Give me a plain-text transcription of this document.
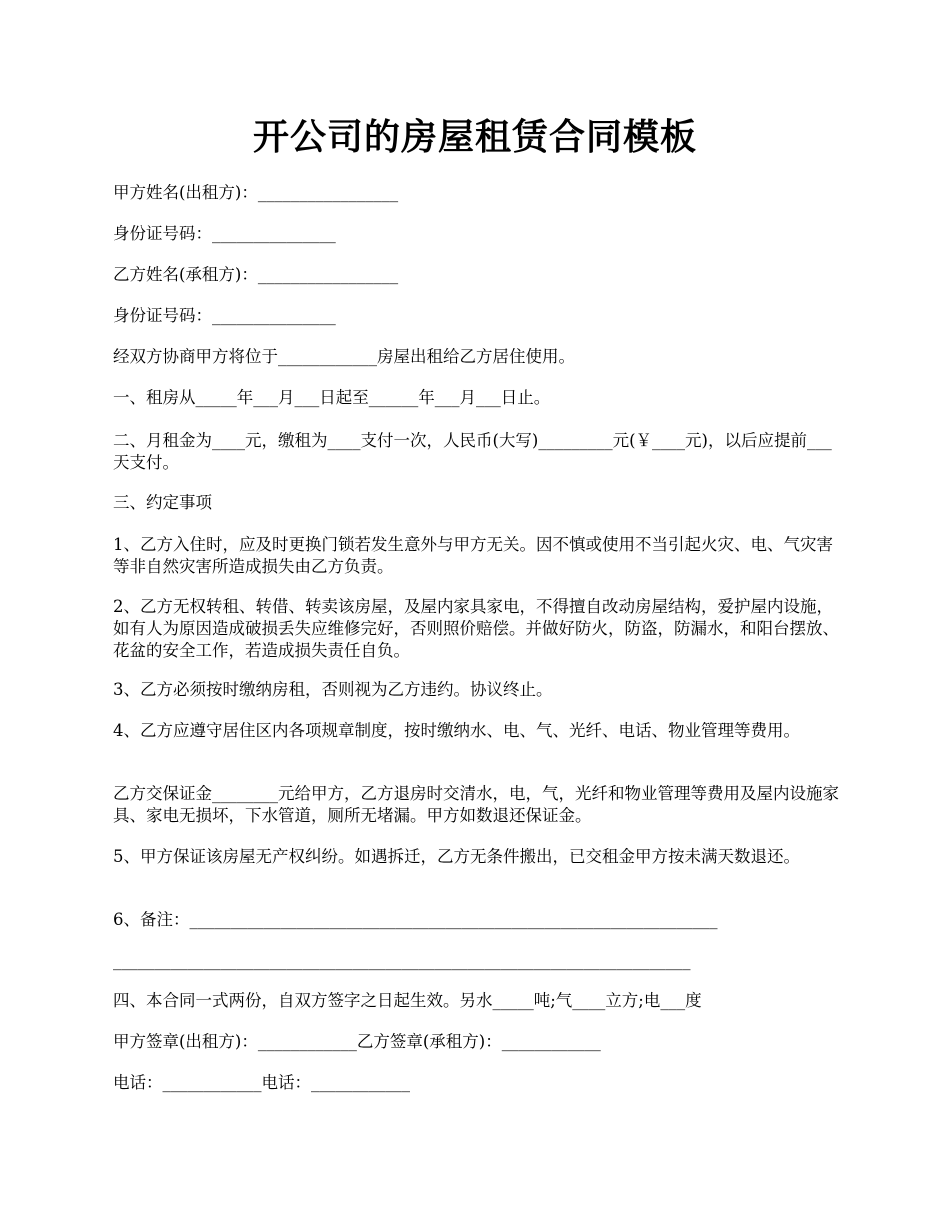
开公司的房屋租赁合同模板
甲方姓名(出租方)：_________________
身份证号码：_______________
乙方姓名(承租方)：_________________
身份证号码：_______________
经双方协商甲方将位于____________房屋出租给乙方居住使用。
一、租房从_____年___月___日起至______年___月___日止。
二、月租金为____元，缴租为____支付一次，人民币(大写)_________元(￥____元)，以后应提前___天支付。
三、约定事项
1、乙方入住时，应及时更换门锁若发生意外与甲方无关。因不慎或使用不当引起火灾、电、气灾害等非自然灾害所造成损失由乙方负责。
2、乙方无权转租、转借、转卖该房屋，及屋内家具家电，不得擅自改动房屋结构，爱护屋内设施，如有人为原因造成破损丢失应维修完好，否则照价赔偿。并做好防火，防盗，防漏水，和阳台摆放、花盆的安全工作，若造成损失责任自负。
3、乙方必须按时缴纳房租，否则视为乙方违约。协议终止。
4、乙方应遵守居住区内各项规章制度，按时缴纳水、电、气、光纤、电话、物业管理等费用。
乙方交保证金________元给甲方，乙方退房时交清水，电，气，光纤和物业管理等费用及屋内设施家具、家电无损坏，下水管道，厕所无堵漏。甲方如数退还保证金。
5、甲方保证该房屋无产权纠纷。如遇拆迁，乙方无条件搬出，已交租金甲方按未满天数退还。
6、备注：________________________________________________________________
______________________________________________________________________
四、本合同一式两份，自双方签字之日起生效。另水_____吨;气____立方;电___度
甲方签章(出租方)：____________乙方签章(承租方)：____________
电话：____________电话：____________
